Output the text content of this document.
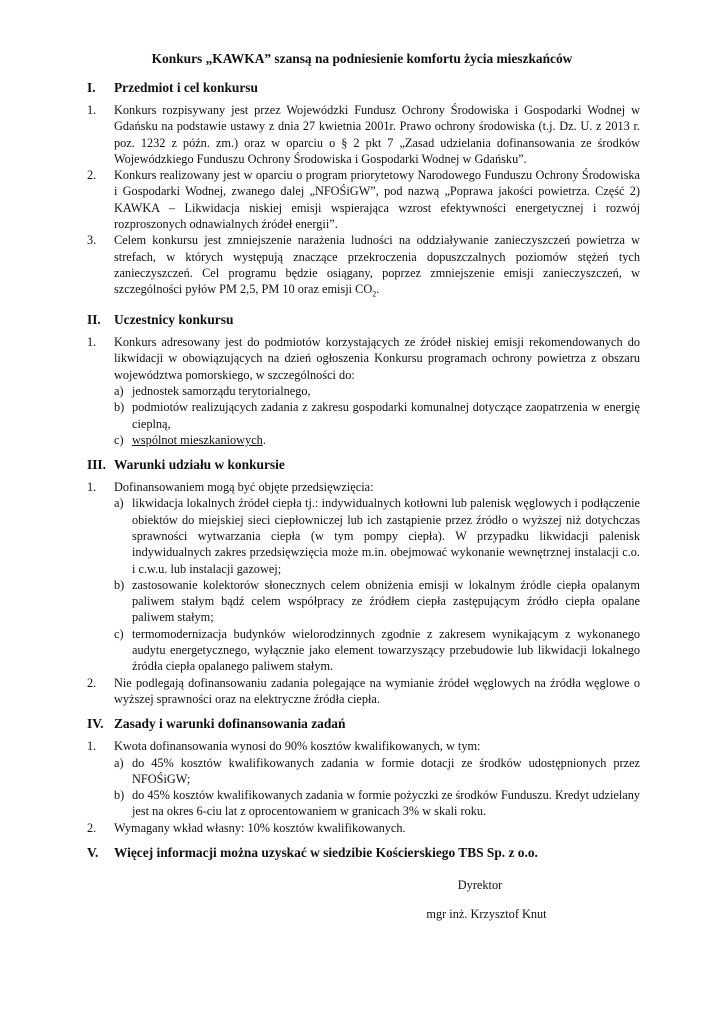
Konkurs „KAWKA” szansą na podniesienie komfortu życia mieszkańców
I.	Przedmiot i cel konkursu
1.	Konkurs rozpisywany jest przez Wojewódzki Fundusz Ochrony Środowiska i Gospodarki Wodnej w Gdańsku na podstawie ustawy z dnia 27 kwietnia 2001r. Prawo ochrony środowiska (t.j. Dz. U. z 2013 r. poz. 1232 z późn. zm.) oraz w oparciu o § 2 pkt 7 „Zasad udzielania dofinansowania ze środków Wojewódzkiego Funduszu Ochrony Środowiska i Gospodarki Wodnej w Gdańsku”.
2.	Konkurs realizowany jest w oparciu o program priorytetowy Narodowego Funduszu Ochrony Środowiska i Gospodarki Wodnej, zwanego dalej „NFOŚiGW”, pod nazwą „Poprawa jakości powietrza. Część 2) KAWKA – Likwidacja niskiej emisji wspierająca wzrost efektywności energetycznej i rozwój rozproszonych odnawialnych źródeł energii”.
3.	Celem konkursu jest zmniejszenie narażenia ludności na oddziaływanie zanieczyszczeń powietrza w strefach, w których występują znaczące przekroczenia dopuszczalnych poziomów stężeń tych zanieczyszczeń. Cel programu będzie osiągany, poprzez zmniejszenie emisji zanieczyszczeń, w szczególności pyłów PM 2,5, PM 10 oraz emisji $CO_2$.
II. Uczestnicy konkursu
1.	Konkurs adresowany jest do podmiotów korzystających ze źródeł niskiej emisji rekomendowanych do likwidacji w obowiązujących na dzień ogłoszenia Konkursu programach ochrony powietrza z obszaru województwa pomorskiego, w szczególności do:
a) jednostek samorządu terytorialnego,
b) podmiotów realizujących zadania z zakresu gospodarki komunalnej dotyczące zaopatrzenia w energię cieplną,
c) wspólnot mieszkaniowych.
III. Warunki udziału w konkursie
1.	Dofinansowaniem mogą być objęte przedsięwzięcia:
a) likwidacja lokalnych źródeł ciepła tj.: indywidualnych kotłowni lub palenisk węglowych i podłączenie obiektów do miejskiej sieci ciepłowniczej lub ich zastąpienie przez źródło o wyższej niż dotychczas sprawności wytwarzania ciepła (w tym pompy ciepła). W przypadku likwidacji palenisk indywidualnych zakres przedsięwzięcia może m.in. obejmować wykonanie wewnętrznej instalacji c.o. i c.w.u. lub instalacji gazowej;
b) zastosowanie kolektorów słonecznych celem obniżenia emisji w lokalnym źródle ciepła opalanym paliwem stałym bądź celem współpracy ze źródłem ciepła zastępującym źródło ciepła opalane paliwem stałym;
c) termomodernizacja budynków wielorodzinnych zgodnie z zakresem wynikającym z wykonanego audytu energetycznego, wyłącznie jako element towarzyszący przebudowie lub likwidacji lokalnego źródła ciepła opalanego paliwem stałym.
2.	Nie podlegają dofinansowaniu zadania polegające na wymianie źródeł węglowych na źródła węglowe o wyższej sprawności oraz na elektryczne źródła ciepła.
IV. Zasady i warunki dofinansowania zadań
1.	Kwota dofinansowania wynosi do 90% kosztów kwalifikowanych, w tym:
a) do 45% kosztów kwalifikowanych zadania w formie dotacji ze środków udostępnionych przez NFOŚiGW;
b) do 45% kosztów kwalifikowanych zadania w formie pożyczki ze środków Funduszu. Kredyt udzielany jest na okres 6-ciu lat z oprocentowaniem w granicach 3% w skali roku.
2.	Wymagany wkład własny: 10% kosztów kwalifikowanych.
V.	Więcej informacji można uzyskać w siedzibie Kościerskiego TBS Sp. z o.o.
Dyrektor
mgr inż. Krzysztof Knut
